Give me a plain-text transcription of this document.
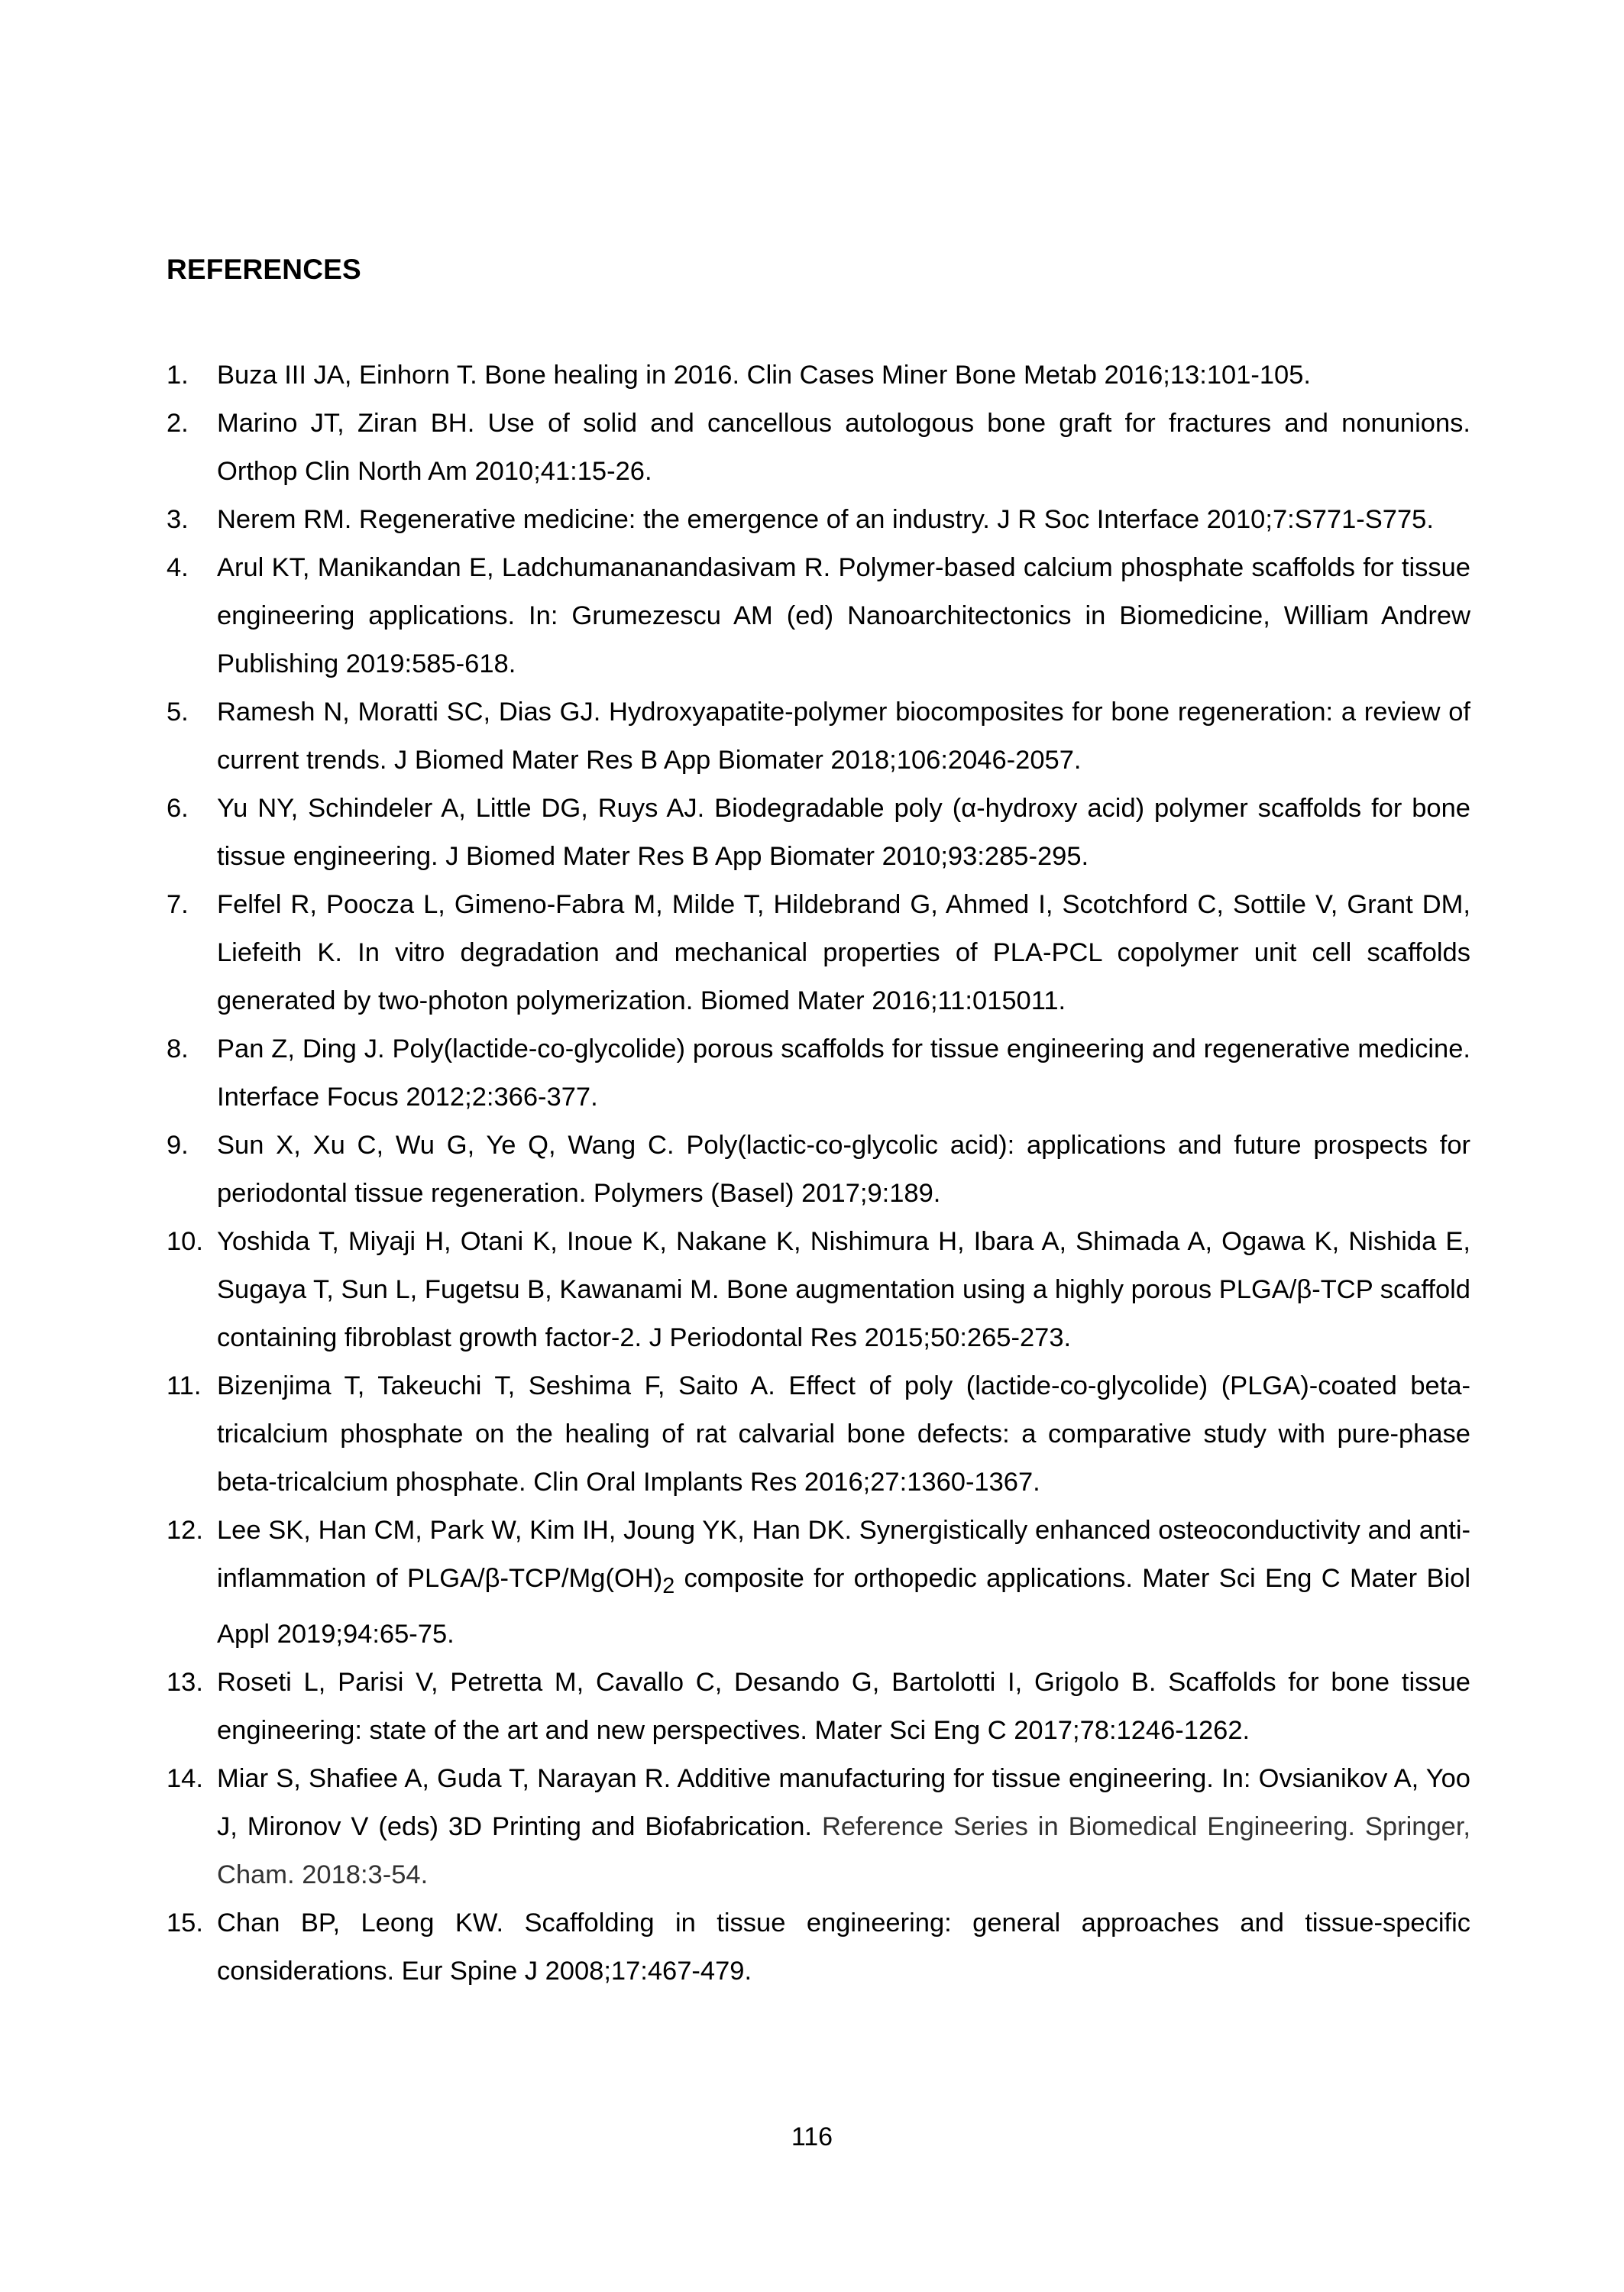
REFERENCES
1.	Buza III JA, Einhorn T. Bone healing in 2016. Clin Cases Miner Bone Metab 2016;13:101-105.
2.	Marino JT, Ziran BH. Use of solid and cancellous autologous bone graft for fractures and nonunions. Orthop Clin North Am 2010;41:15-26.
3.	Nerem RM. Regenerative medicine: the emergence of an industry. J R Soc Interface 2010;7:S771-S775.
4.	Arul KT, Manikandan E, Ladchumananandasivam R. Polymer-based calcium phosphate scaffolds for tissue engineering applications. In: Grumezescu AM (ed) Nanoarchitectonics in Biomedicine, William Andrew Publishing 2019:585-618.
5.	Ramesh N, Moratti SC, Dias GJ. Hydroxyapatite-polymer biocomposites for bone regeneration: a review of current trends. J Biomed Mater Res B App Biomater 2018;106:2046-2057.
6.	Yu NY, Schindeler A, Little DG, Ruys AJ. Biodegradable poly (α-hydroxy acid) polymer scaffolds for bone tissue engineering. J Biomed Mater Res B App Biomater 2010;93:285-295.
7.	Felfel R, Poocza L, Gimeno-Fabra M, Milde T, Hildebrand G, Ahmed I, Scotchford C, Sottile V, Grant DM, Liefeith K. In vitro degradation and mechanical properties of PLA-PCL copolymer unit cell scaffolds generated by two-photon polymerization. Biomed Mater 2016;11:015011.
8.	Pan Z, Ding J. Poly(lactide-co-glycolide) porous scaffolds for tissue engineering and regenerative medicine. Interface Focus 2012;2:366-377.
9.	Sun X, Xu C, Wu G, Ye Q, Wang C. Poly(lactic-co-glycolic acid): applications and future prospects for periodontal tissue regeneration. Polymers (Basel) 2017;9:189.
10. Yoshida T, Miyaji H, Otani K, Inoue K, Nakane K, Nishimura H, Ibara A, Shimada A, Ogawa K, Nishida E, Sugaya T, Sun L, Fugetsu B, Kawanami M. Bone augmentation using a highly porous PLGA/β-TCP scaffold containing fibroblast growth factor-2. J Periodontal Res 2015;50:265-273.
11. Bizenjima T, Takeuchi T, Seshima F, Saito A. Effect of poly (lactide-co-glycolide) (PLGA)-coated beta-tricalcium phosphate on the healing of rat calvarial bone defects: a comparative study with pure-phase beta-tricalcium phosphate. Clin Oral Implants Res 2016;27:1360-1367.
12. Lee SK, Han CM, Park W, Kim IH, Joung YK, Han DK. Synergistically enhanced osteoconductivity and anti-inflammation of PLGA/$\beta-TCP/Mg(OH)_2$ composite for orthopedic applications. Mater Sci Eng C Mater Biol Appl 2019;94:65-75.
13. Roseti L, Parisi V, Petretta M, Cavallo C, Desando G, Bartolotti I, Grigolo B. Scaffolds for bone tissue engineering: state of the art and new perspectives. Mater Sci Eng C 2017;78:1246-1262.
14. Miar S, Shafiee A, Guda T, Narayan R. Additive manufacturing for tissue engineering. In: Ovsianikov A, Yoo J, Mironov V (eds) 3D Printing and Biofabrication. Reference Series in Biomedical Engineering. Springer, Cham. 2018:3-54.
15. Chan BP, Leong KW. Scaffolding in tissue engineering: general approaches and tissue-specific considerations. Eur Spine J 2008;17:467-479.
116
